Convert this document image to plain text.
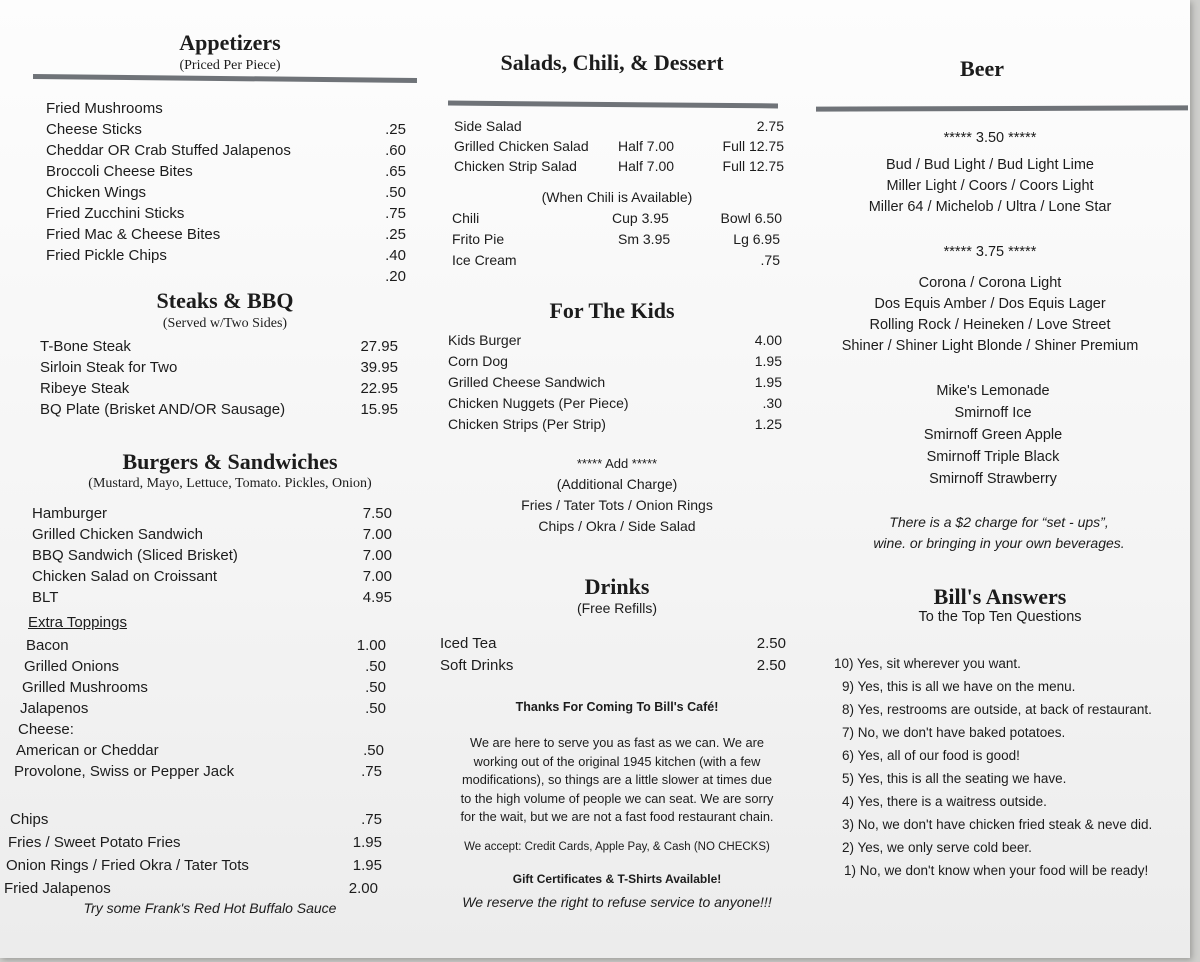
Appetizers
(Priced Per Piece)
Fried Mushrooms
Cheese Sticks	.25
Cheddar OR Crab Stuffed Jalapenos	.60
Broccoli Cheese Bites	.65
Chicken Wings	.50
Fried Zucchini Sticks	.75
Fried Mac & Cheese Bites	.25
Fried Pickle Chips	.40
.20
Steaks & BBQ
(Served w/Two Sides)
T-Bone Steak	27.95
Sirloin Steak for Two	39.95
Ribeye Steak	22.95
BQ Plate (Brisket AND/OR Sausage)	15.95
Burgers & Sandwiches
(Mustard, Mayo, Lettuce, Tomato. Pickles, Onion)
Hamburger	7.50
Grilled Chicken Sandwich	7.00
BBQ Sandwich (Sliced Brisket)	7.00
Chicken Salad on Croissant	7.00
BLT	4.95
Extra Toppings
Bacon	1.00
Grilled Onions	.50
Grilled Mushrooms	.50
Jalapenos	.50
Cheese:
American or Cheddar	.50
Provolone, Swiss or Pepper Jack	.75
Chips	.75
Fries / Sweet Potato Fries	1.95
Onion Rings / Fried Okra / Tater Tots	1.95
Fried Jalapenos	2.00
Try some Frank's Red Hot Buffalo Sauce
Salads, Chili, & Dessert
Side Salad	2.75
Grilled Chicken Salad Half 7.00	Full 12.75
Chicken Strip Salad	Half 7.00	Full 12.75
(When Chili is Available)
Chili	Cup 3.95	Bowl 6.50
Frito Pie	Sm 3.95	Lg 6.95
Ice Cream	.75
For The Kids
Kids Burger	4.00
Corn Dog	1.95
Grilled Cheese Sandwich	1.95
Chicken Nuggets (Per Piece)	.30
Chicken Strips (Per Strip)	1.25
***** Add *****
(Additional Charge)
Fries / Tater Tots / Onion Rings
Chips / Okra / Side Salad
Drinks
(Free Refills)
Iced Tea	2.50
Soft Drinks	2.50
Thanks For Coming To Bill's Café!
We are here to serve you as fast as we can. We are
working out of the original 1945 kitchen (with a few
modifications), so things are a little slower at times due
to the high volume of people we can seat. We are sorry
for the wait, but we are not a fast food restaurant chain.
We accept: Credit Cards, Apple Pay, & Cash (NO CHECKS)
Gift Certificates & T-Shirts Available!
We reserve the right to refuse service to anyone!!!
Beer
***** 3.50 *****
Bud / Bud Light / Bud Light Lime
Miller Light / Coors / Coors Light
Miller 64 / Michelob / Ultra / Lone Star
***** 3.75 *****
Corona / Corona Light
Dos Equis Amber / Dos Equis Lager
Rolling Rock / Heineken / Love Street
Shiner / Shiner Light Blonde / Shiner Premium
Mike's Lemonade
Smirnoff Ice
Smirnoff Green Apple
Smirnoff Triple Black
Smirnoff Strawberry
There is a $2 charge for “set - ups”,
wine. or bringing in your own beverages.
Bill's Answers
To the Top Ten Questions
10) Yes, sit wherever you want.
9) Yes, this is all we have on the menu.
8) Yes, restrooms are outside, at back of restaurant.
7) No, we don't have baked potatoes.
6) Yes, all of our food is good!
5) Yes, this is all the seating we have.
4) Yes, there is a waitress outside.
3) No, we don't have chicken fried steak & neve did.
2) Yes, we only serve cold beer.
1) No, we don't know when your food will be ready!
